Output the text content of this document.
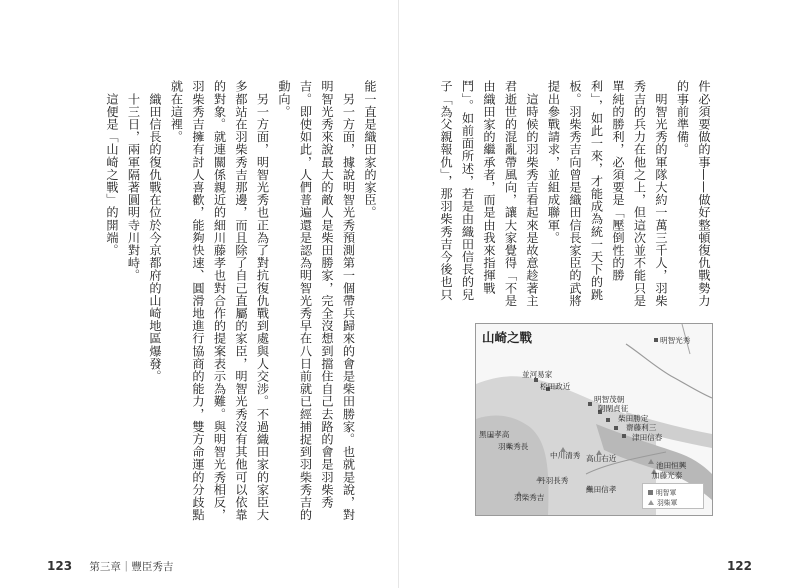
能一直是織田家的家臣。

　另一方面，據說明智光秀預測第一個帶兵歸來的會是柴田勝家。也就是說，對

明智光秀來說最大的敵人是柴田勝家，完全沒想到擋住自己去路的會是羽柴秀

吉。即使如此，人們普遍還是認為明智光秀早在八日前就已經捕捉到羽柴秀吉的

動向。

　另一方面，明智光秀也正為了對抗復仇戰到處與人交涉。不過織田家的家臣大

多都站在羽柴秀吉那邊，而且除了自己直屬的家臣，明智光秀沒有其他可以依靠

的對象。就連關係親近的細川藤孝也對合作的提案表示為難。與明智光秀相反，

羽柴秀吉擁有討人喜歡，能夠快速、圓滑地進行協商的能力，雙方命運的分歧點

就在這裡。

　織田信長的復仇戰在位於今京都府的山崎地區爆發。

　十三日，兩軍隔著圓明寺川對峙。

　這便是「山崎之戰」的開端。

123 第三章｜豐臣秀吉

件必須要做的事——做好整頓復仇戰勢力

的事前準備。

　明智光秀的軍隊大約一萬三千人，羽柴

秀吉的兵力在他之上，但這次並不能只是

單純的勝利，必須要是「壓倒性的勝

利」，如此一來，才能成為統一天下的跳

板。羽柴秀吉向曾是織田信長家臣的武將

提出參戰請求，並組成聯軍。

　這時候的羽柴秀吉看起來是故意趁著主

君逝世的混亂帶風向，讓大家覺得「不是

由織田家的繼承者，而是由我來指揮戰

鬥」。如前面所述，若是由織田信長的兒

子「為父親報仇」，那羽柴秀吉今後也只

山崎之戰	明智光秀
並河易家
松田政近
明智茂朝
阿閉貞征
柴田勝定
齋藤利三
津田信春
黑田孝高
羽柴秀長
中川清秀 高山右近
池田恒興
加藤光泰
丹羽長秀
織田信孝
羽柴秀吉	明智軍
羽柴軍
122
